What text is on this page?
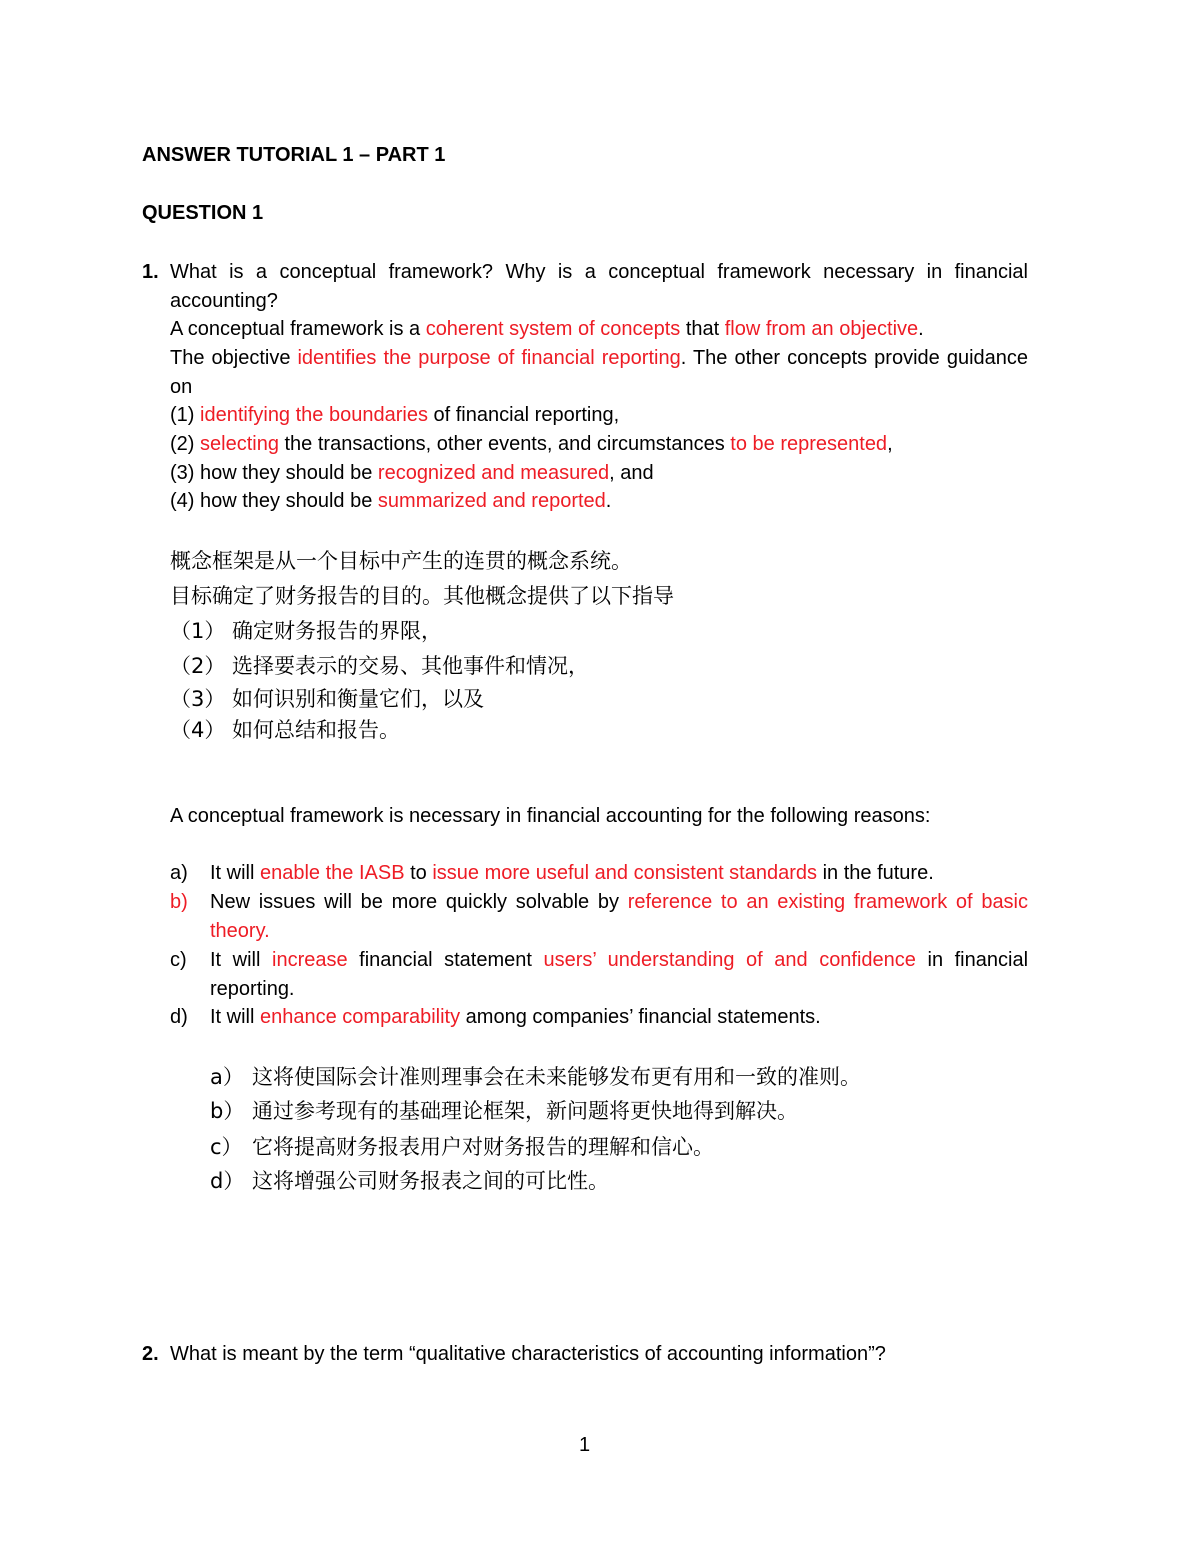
ANSWER TUTORIAL 1 – PART 1
QUESTION 1
1. What is a conceptual framework? Why is a conceptual framework necessary in financial accounting?
A conceptual framework is a coherent system of concepts that flow from an objective.
The objective identifies the purpose of financial reporting. The other concepts provide guidance on
(1) identifying the boundaries of financial reporting,
(2) selecting the transactions, other events, and circumstances to be represented,
(3) how they should be recognized and measured, and
(4) how they should be summarized and reported.
概念框架是从一个目标中产生的连贯的概念系统。
目标确定了财务报告的目的。其他概念提供了以下指导
（1） 确定财务报告的界限，
（2） 选择要表示的交易、其他事件和情况，
（3） 如何识别和衡量它们，以及
（4） 如何总结和报告。
A conceptual framework is necessary in financial accounting for the following reasons:
a) It will enable the IASB to issue more useful and consistent standards in the future.
b) New issues will be more quickly solvable by reference to an existing framework of basic theory.
c) It will increase financial statement users’ understanding of and confidence in financial reporting.
d) It will enhance comparability among companies’ financial statements.
a） 这将使国际会计准则理事会在未来能够发布更有用和一致的准则。
b） 通过参考现有的基础理论框架，新问题将更快地得到解决。
c） 它将提高财务报表用户对财务报告的理解和信心。
d） 这将增强公司财务报表之间的可比性。
2. What is meant by the term “qualitative characteristics of accounting information”?
1
